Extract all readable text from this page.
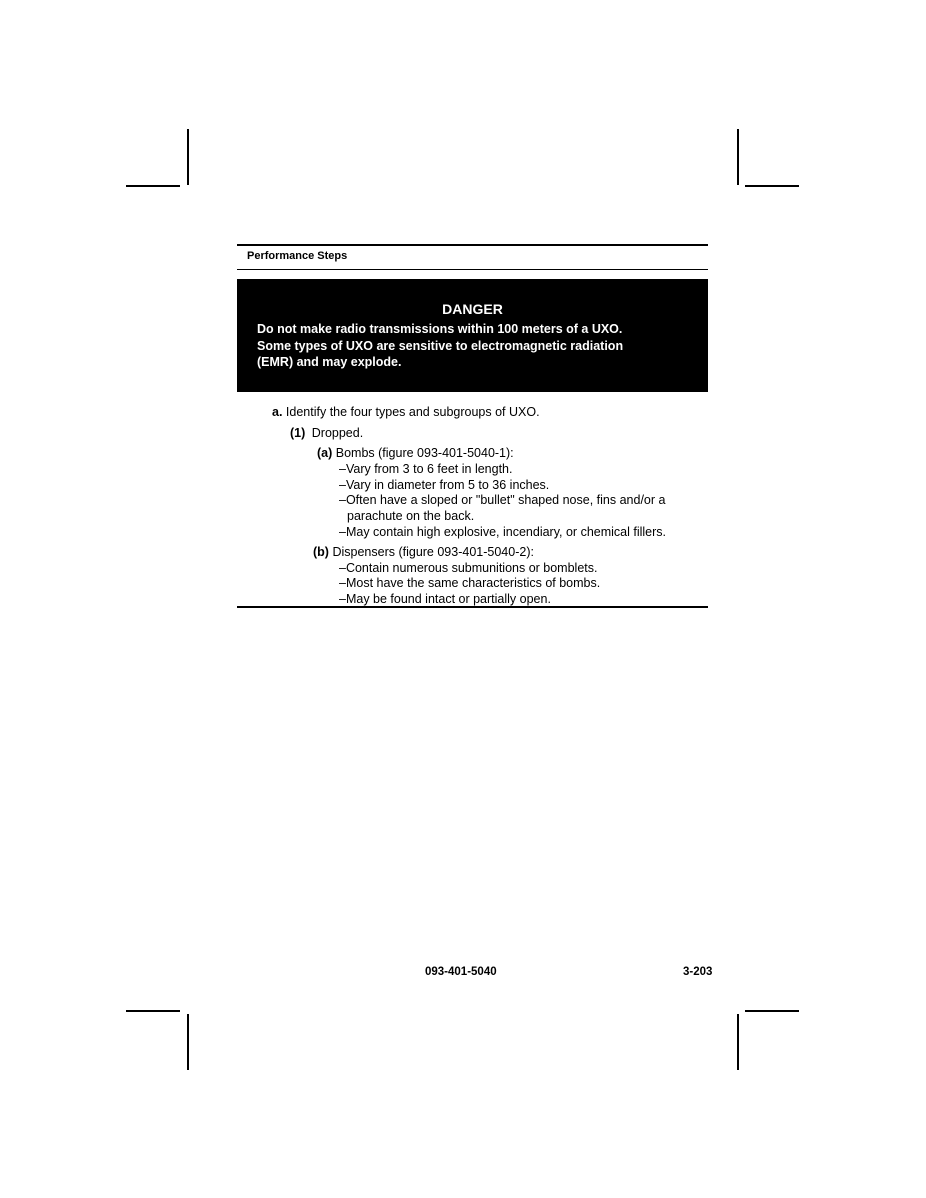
Performance Steps
DANGER
Do not make radio transmissions within 100 meters of a UXO.
Some types of UXO are sensitive to electromagnetic radiation
(EMR) and may explode.
a. Identify the four types and subgroups of UXO.
(1) Dropped.
(a) Bombs (figure 093-401-5040-1):
–Vary from 3 to 6 feet in length.
–Vary in diameter from 5 to 36 inches.
–Often have a sloped or "bullet" shaped nose, fins and/or a
parachute on the back.
–May contain high explosive, incendiary, or chemical fillers.
(b) Dispensers (figure 093-401-5040-2):
–Contain numerous submunitions or bomblets.
–Most have the same characteristics of bombs.
–May be found intact or partially open.
093-401-5040	3-203
